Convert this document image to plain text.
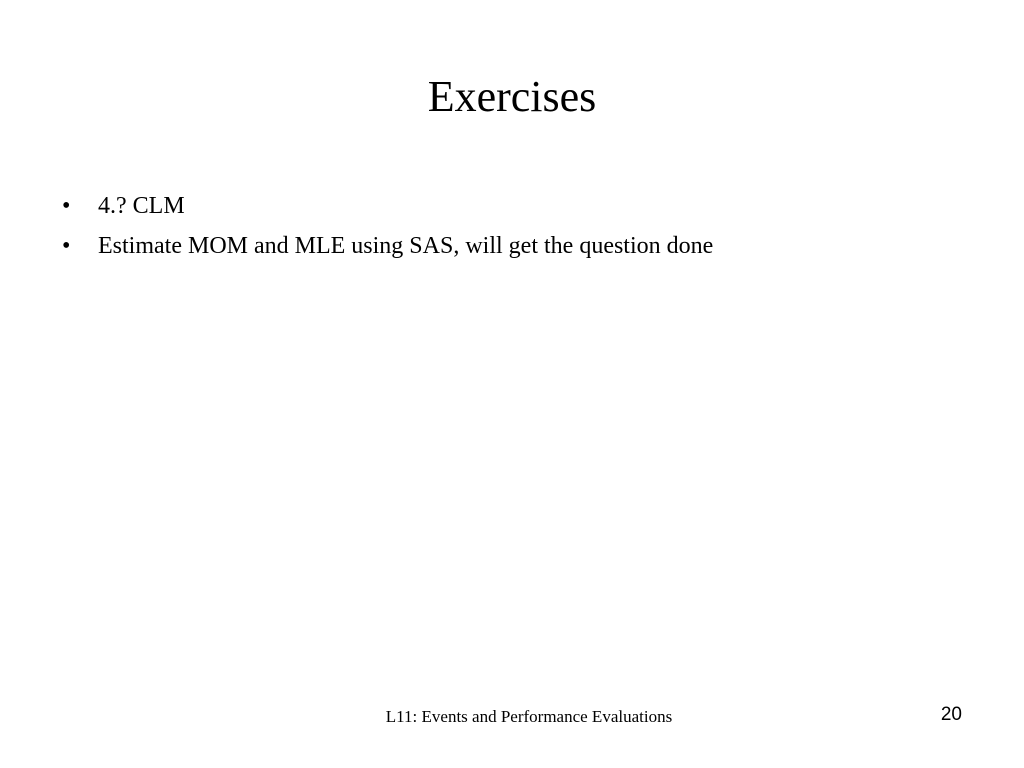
Exercises
•	4.? CLM
•	Estimate MOM and MLE using SAS, will get the question done
L11: Events and Performance Evaluations	20
